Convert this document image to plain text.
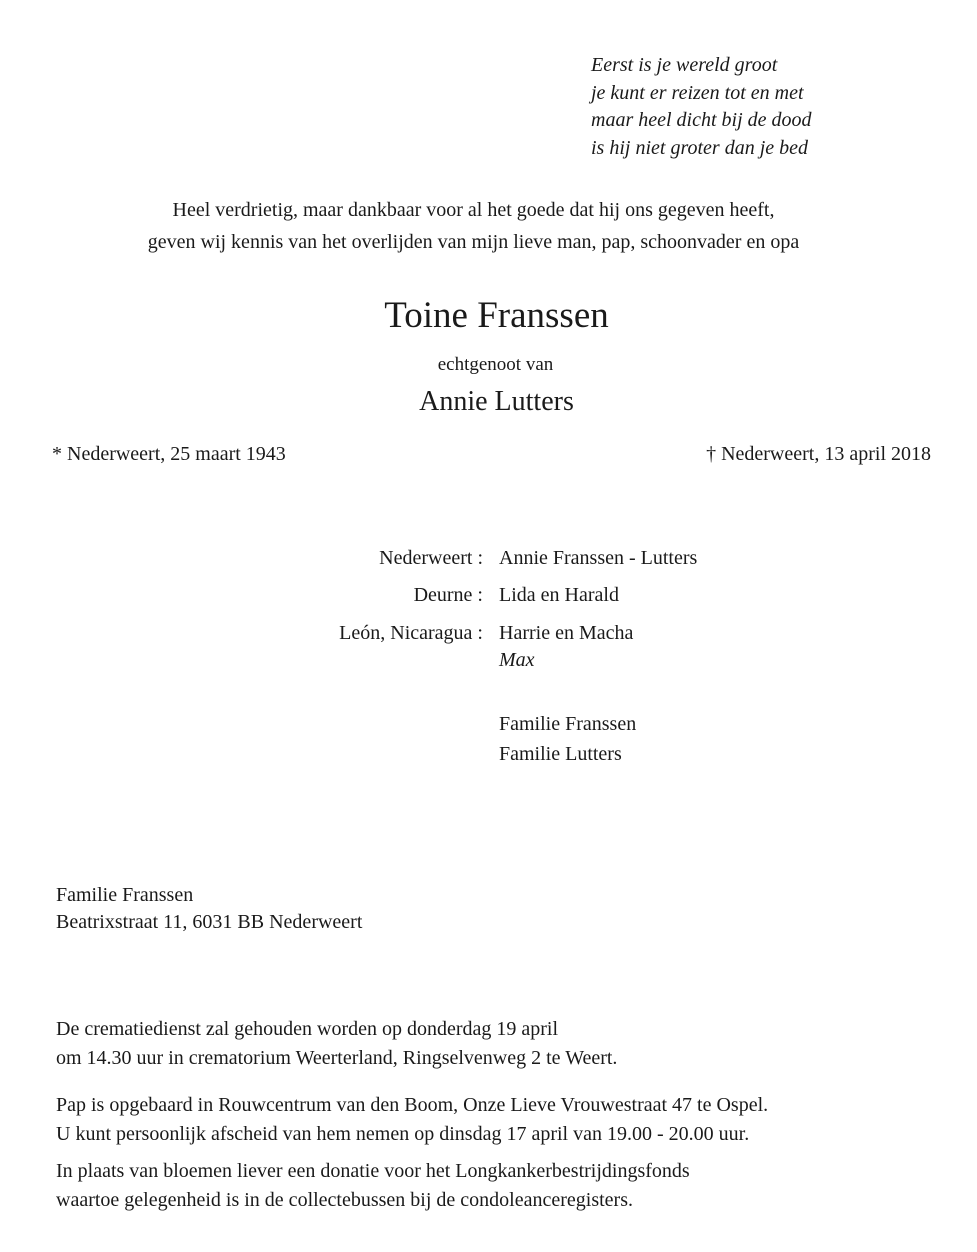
Eerst is je wereld groot
je kunt er reizen tot en met
maar heel dicht bij de dood
is hij niet groter dan je bed
Heel verdrietig, maar dankbaar voor al het goede dat hij ons gegeven heeft,
geven wij kennis van het overlijden van mijn lieve man, pap, schoonvader en opa
Toine Franssen
echtgenoot van
Annie Lutters
* Nederweert, 25 maart 1943	† Nederweert, 13 april 2018
Nederweert : Annie Franssen - Lutters
Deurne : Lida en Harald
León, Nicaragua : Harrie en Macha
Max
Familie Franssen
Familie Lutters
Familie Franssen
Beatrixstraat 11, 6031 BB Nederweert
De crematiedienst zal gehouden worden op donderdag 19 april
om 14.30 uur in crematorium Weerterland, Ringselvenweg 2 te Weert.
Pap is opgebaard in Rouwcentrum van den Boom, Onze Lieve Vrouwestraat 47 te Ospel.
U kunt persoonlijk afscheid van hem nemen op dinsdag 17 april van 19.00 - 20.00 uur.
In plaats van bloemen liever een donatie voor het Longkankerbestrijdingsfonds
waartoe gelegenheid is in de collectebussen bij de condoleanceregisters.
